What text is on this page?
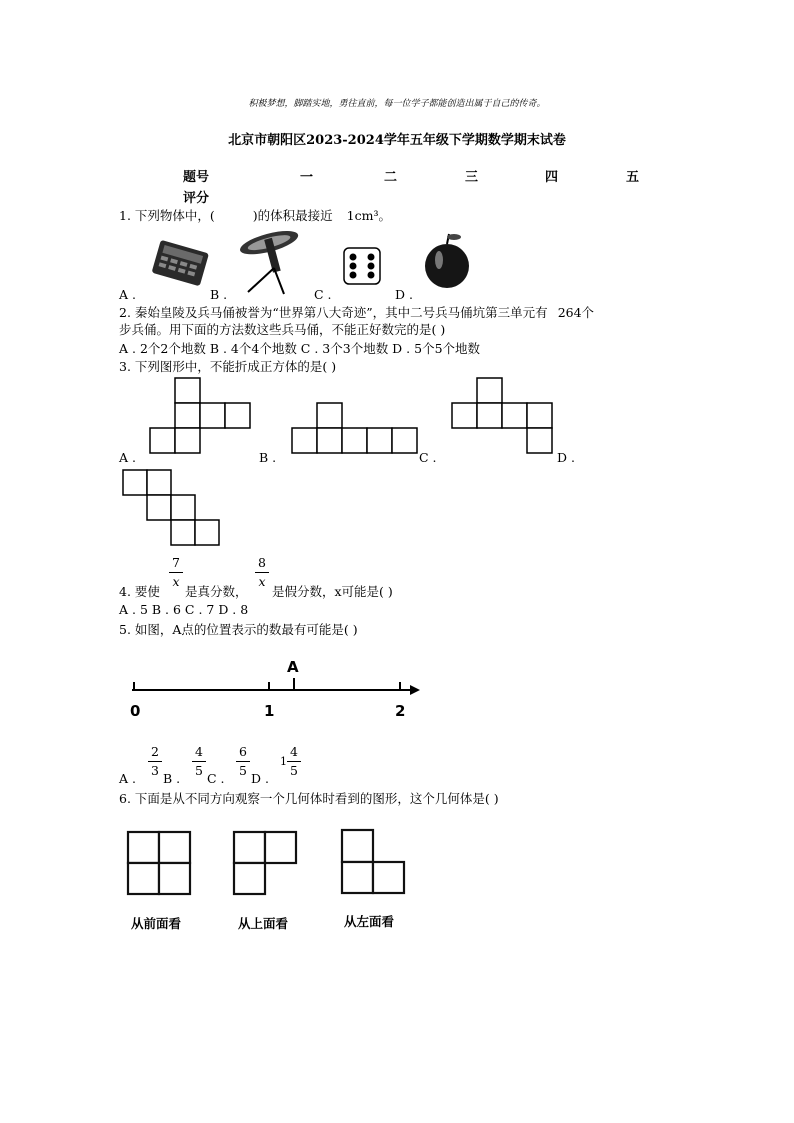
积极梦想，脚踏实地，勇往直前，每一位学子都能创造出属于自己的传奇。
北京市朝阳区2023-2024学年五年级下学期数学期末试卷
题号	一	二	三	四	五
评分
1. 下列物体中，(	)的体积最接近 1cm³。
A .	B .	C .	D .
2. 秦始皇陵及兵马俑被誉为“世界第八大奇迹”，其中二号兵马俑坑第三单元有 264个
步兵俑。用下面的方法数这些兵马俑，不能正好数完的是( )
A . 2个2个地数 B . 4个4个地数 C . 3个3个地数 D . 5个5个地数
3. 下列图形中，不能折成正方体的是( )
A .	B .	C .	D .
7
x
8
x
4. 要使 是真分数， 是假分数，x可能是( )
A . 5 B . 6 C . 7 D . 8
5. 如图，A点的位置表示的数最有可能是( )
A
0	1	2
2
3
4
5
6
5
1
4
5
A . B . C . D .
6. 下面是从不同方向观察一个几何体时看到的图形，这个几何体是( )
从前面看	从上面看	从左面看
